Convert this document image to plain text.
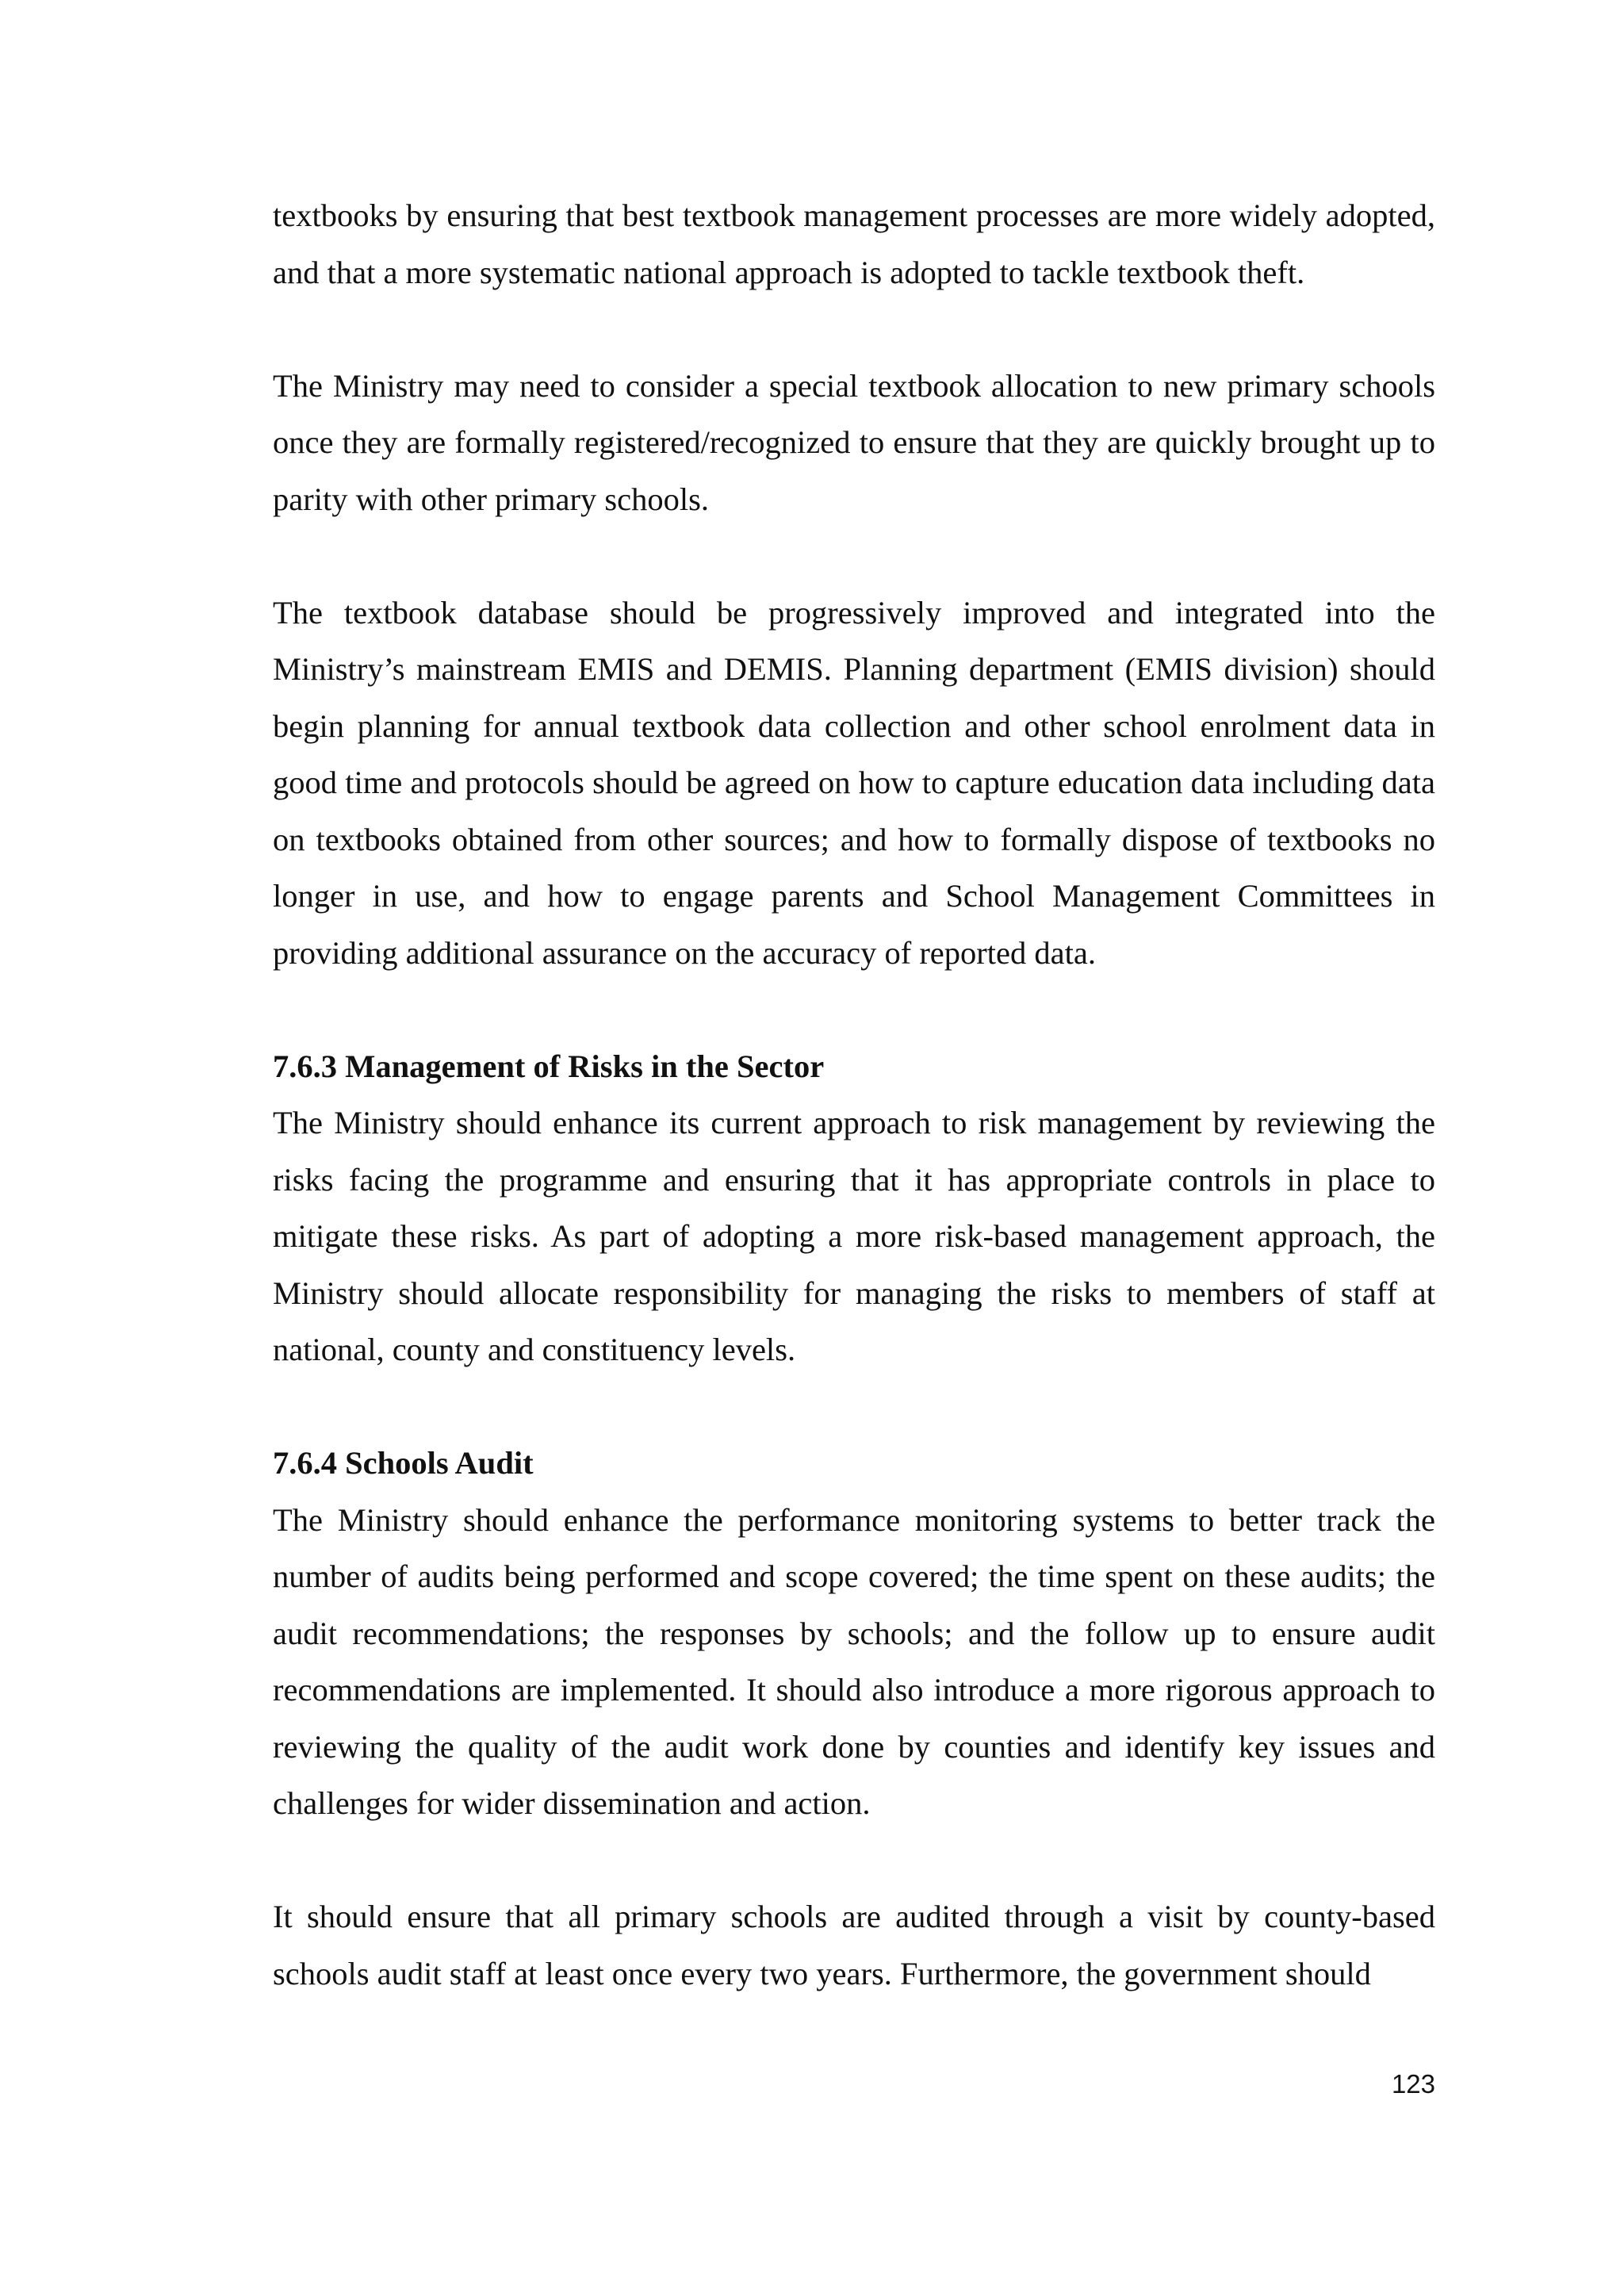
textbooks by ensuring that best textbook management processes are more widely adopted, and that a more systematic national approach is adopted to tackle textbook theft.

The Ministry may need to consider a special textbook allocation to new primary schools once they are formally registered/recognized to ensure that they are quickly brought up to parity with other primary schools.

The textbook database should be progressively improved and integrated into the Ministry’s mainstream EMIS and DEMIS. Planning department (EMIS division) should begin planning for annual textbook data collection and other school enrolment data in good time and protocols should be agreed on how to capture education data including data on textbooks obtained from other sources; and how to formally dispose of textbooks no longer in use, and how to engage parents and School Management Committees in providing additional assurance on the accuracy of reported data.

7.6.3 Management of Risks in the Sector

The Ministry should enhance its current approach to risk management by reviewing the risks facing the programme and ensuring that it has appropriate controls in place to mitigate these risks. As part of adopting a more risk-based management approach, the Ministry should allocate responsibility for managing the risks to members of staff at national, county and constituency levels.

7.6.4 Schools Audit

The Ministry should enhance the performance monitoring systems to better track the number of audits being performed and scope covered; the time spent on these audits; the audit recommendations; the responses by schools; and the follow up to ensure audit recommendations are implemented. It should also introduce a more rigorous approach to reviewing the quality of the audit work done by counties and identify key issues and challenges for wider dissemination and action.

It should ensure that all primary schools are audited through a visit by county-based schools audit staff at least once every two years. Furthermore, the government should

123
